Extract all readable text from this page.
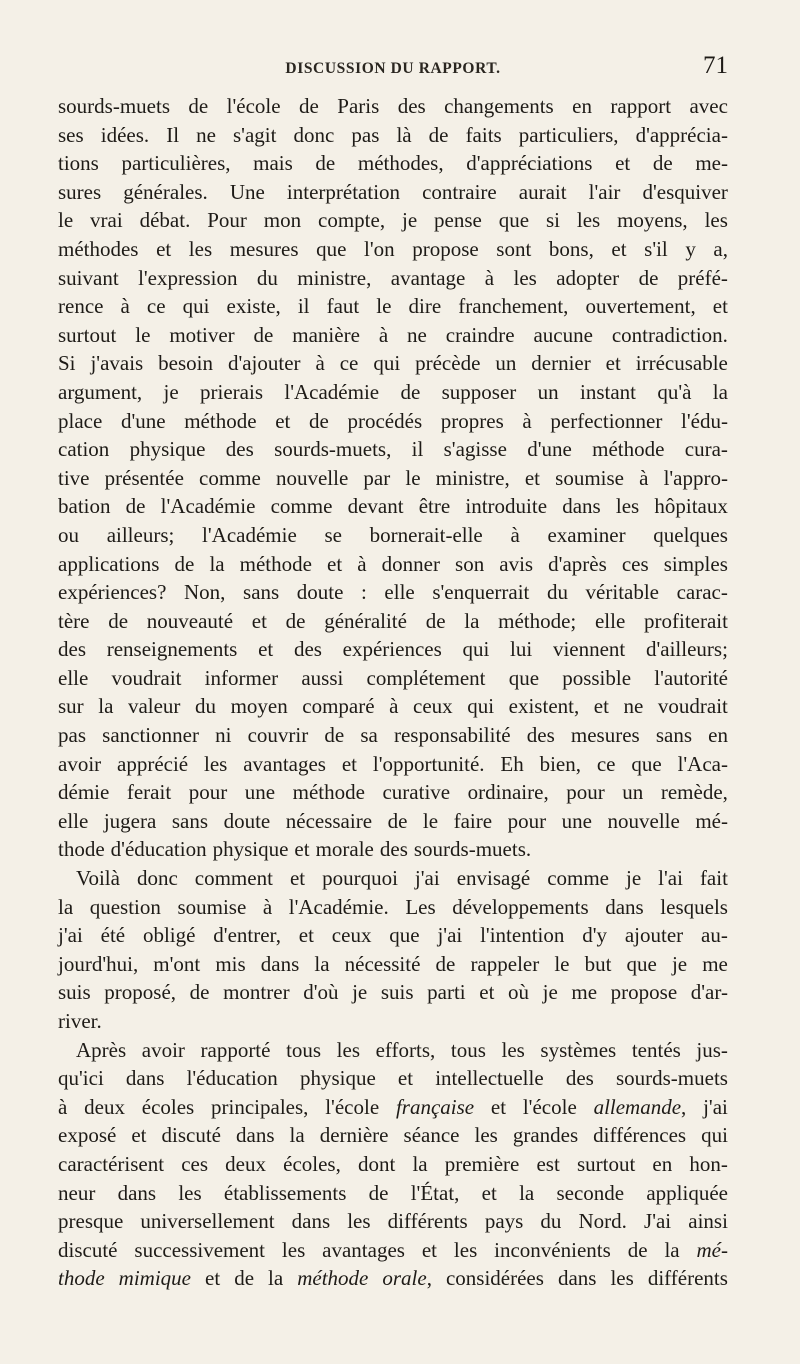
DISCUSSION DU RAPPORT.	71
sourds-muets de l'école de Paris des changements en rapport avec
ses idées. Il ne s'agit donc pas là de faits particuliers, d'apprécia-
tions particulières, mais de méthodes, d'appréciations et de me-
sures générales. Une interprétation contraire aurait l'air d'esquiver
le vrai débat. Pour mon compte, je pense que si les moyens, les
méthodes et les mesures que l'on propose sont bons, et s'il y a,
suivant l'expression du ministre, avantage à les adopter de préfé-
rence à ce qui existe, il faut le dire franchement, ouvertement, et
surtout le motiver de manière à ne craindre aucune contradiction.
Si j'avais besoin d'ajouter à ce qui précède un dernier et irrécusable
argument, je prierais l'Académie de supposer un instant qu'à la
place d'une méthode et de procédés propres à perfectionner l'édu-
cation physique des sourds-muets, il s'agisse d'une méthode cura-
tive présentée comme nouvelle par le ministre, et soumise à l'appro-
bation de l'Académie comme devant être introduite dans les hôpitaux
ou ailleurs; l'Académie se bornerait-elle à examiner quelques
applications de la méthode et à donner son avis d'après ces simples
expériences? Non, sans doute : elle s'enquerrait du véritable carac-
tère de nouveauté et de généralité de la méthode; elle profiterait
des renseignements et des expériences qui lui viennent d'ailleurs;
elle voudrait informer aussi complétement que possible l'autorité
sur la valeur du moyen comparé à ceux qui existent, et ne voudrait
pas sanctionner ni couvrir de sa responsabilité des mesures sans en
avoir apprécié les avantages et l'opportunité. Eh bien, ce que l'Aca-
démie ferait pour une méthode curative ordinaire, pour un remède,
elle jugera sans doute nécessaire de le faire pour une nouvelle mé-
thode d'éducation physique et morale des sourds-muets.
Voilà donc comment et pourquoi j'ai envisagé comme je l'ai fait
la question soumise à l'Académie. Les développements dans lesquels
j'ai été obligé d'entrer, et ceux que j'ai l'intention d'y ajouter au-
jourd'hui, m'ont mis dans la nécessité de rappeler le but que je me
suis proposé, de montrer d'où je suis parti et où je me propose d'ar-
river.
Après avoir rapporté tous les efforts, tous les systèmes tentés jus-
qu'ici dans l'éducation physique et intellectuelle des sourds-muets
à deux écoles principales, l'école française et l'école allemande, j'ai
exposé et discuté dans la dernière séance les grandes différences qui
caractérisent ces deux écoles, dont la première est surtout en hon-
neur dans les établissements de l'État, et la seconde appliquée
presque universellement dans les différents pays du Nord. J'ai ainsi
discuté successivement les avantages et les inconvénients de la mé-
thode mimique et de la méthode orale, considérées dans les différents
